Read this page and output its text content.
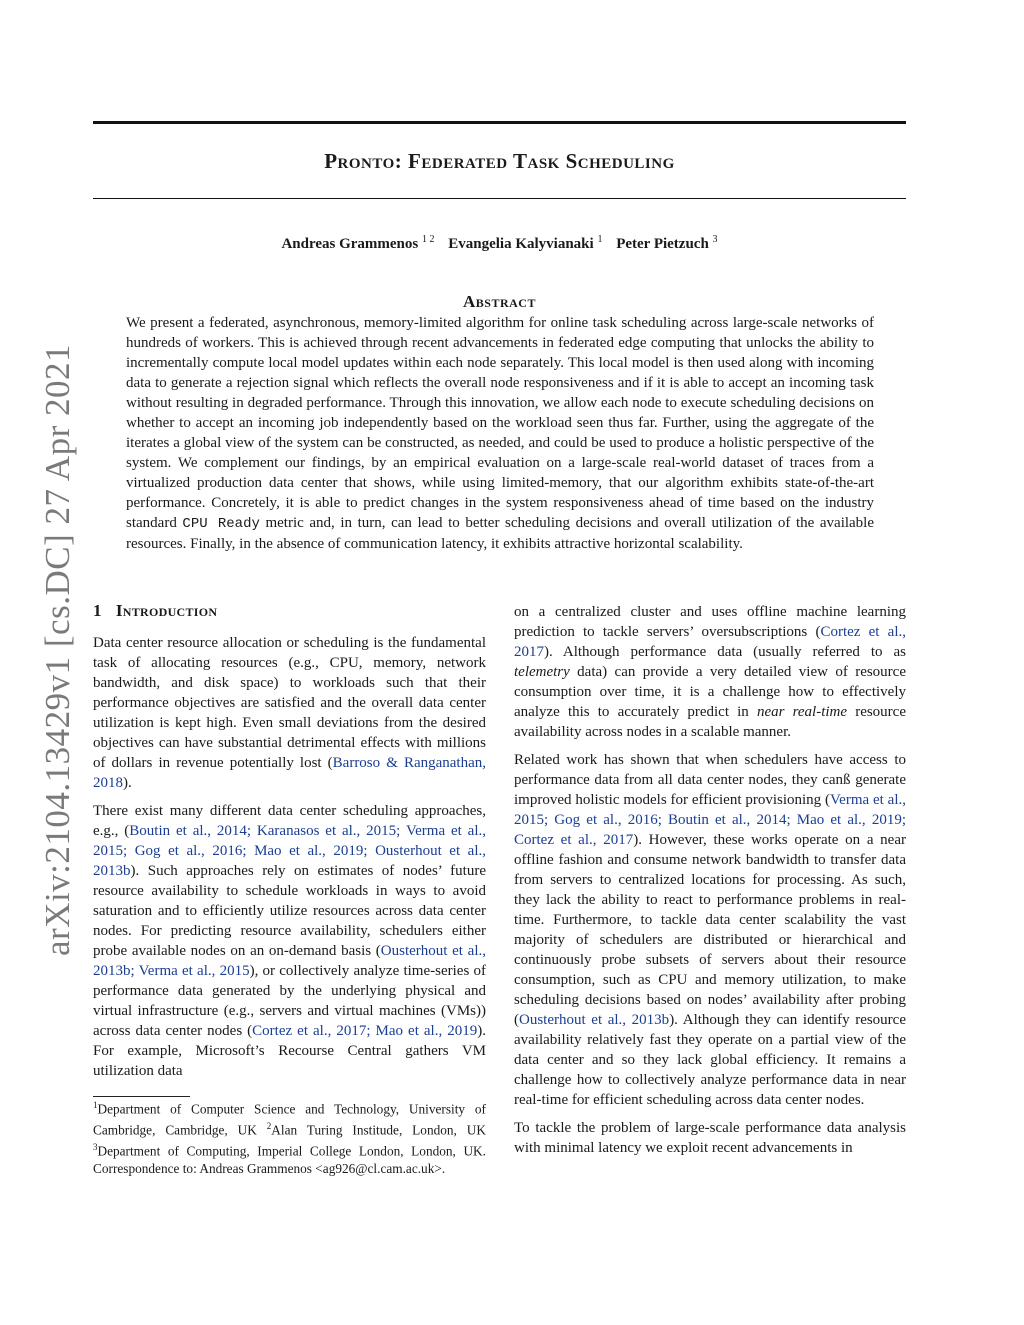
arXiv:2104.13429v1 [cs.DC] 27 Apr 2021
Pronto: Federated Task Scheduling
Andreas Grammenos $^{1 2}$ Evangelia Kalyvianaki $^1$ Peter Pietzuch $^3$
Abstract

We present a federated, asynchronous, memory-limited algorithm for online task scheduling across large-scale networks of hundreds of workers. This is achieved through recent advancements in federated edge computing that unlocks the ability to incrementally compute local model updates within each node separately. This local model is then used along with incoming data to generate a rejection signal which reflects the overall node responsiveness and if it is able to accept an incoming task without resulting in degraded performance. Through this innovation, we allow each node to execute scheduling decisions on whether to accept an incoming job independently based on the workload seen thus far. Further, using the aggregate of the iterates a global view of the system can be constructed, as needed, and could be used to produce a holistic perspective of the system. We complement our findings, by an empirical evaluation on a large-scale real-world dataset of traces from a virtualized production data center that shows, while using limited-memory, that our algorithm exhibits state-of-the-art performance. Concretely, it is able to predict changes in the system responsiveness ahead of time based on the industry standard CPU Ready metric and, in turn, can lead to better scheduling decisions and overall utilization of the available resources. Finally, in the absence of communication latency, it exhibits attractive horizontal scalability.

1 Introduction

Data center resource allocation or scheduling is the fundamental task of allocating resources (e.g., CPU, memory, network bandwidth, and disk space) to workloads such that their performance objectives are satisfied and the overall data center utilization is kept high. Even small deviations from the desired objectives can have substantial detrimental effects with millions of dollars in revenue potentially lost (Barroso & Ranganathan, 2018).

There exist many different data center scheduling approaches, e.g., (Boutin et al., 2014; Karanasos et al., 2015; Verma et al., 2015; Gog et al., 2016; Mao et al., 2019; Ousterhout et al., 2013b). Such approaches rely on estimates of nodes’ future resource availability to schedule workloads in ways to avoid saturation and to efficiently utilize resources across data center nodes. For predicting resource availability, schedulers either probe available nodes on an on-demand basis (Ousterhout et al., 2013b; Verma et al., 2015), or collectively analyze time-series of performance data generated by the underlying physical and virtual infrastructure (e.g., servers and virtual machines (VMs)) across data center nodes (Cortez et al., 2017; Mao et al., 2019). For example, Microsoft’s Recourse Central gathers VM utilization data

$^1$Department of Computer Science and Technology, University of Cambridge, Cambridge, UK $^2$Alan Turing Institude, London, UK $^3$Department of Computing, Imperial College London, London, UK. Correspondence to: Andreas Grammenos <ag926@cl.cam.ac.uk>.

on a centralized cluster and uses offline machine learning prediction to tackle servers’ oversubscriptions (Cortez et al., 2017). Although performance data (usually referred to as telemetry data) can provide a very detailed view of resource consumption over time, it is a challenge how to effectively analyze this to accurately predict in near real-time resource availability across nodes in a scalable manner.

Related work has shown that when schedulers have access to performance data from all data center nodes, they canß generate improved holistic models for efficient provisioning (Verma et al., 2015; Gog et al., 2016; Boutin et al., 2014; Mao et al., 2019; Cortez et al., 2017). However, these works operate on a near offline fashion and consume network bandwidth to transfer data from servers to centralized locations for processing. As such, they lack the ability to react to performance problems in real-time. Furthermore, to tackle data center scalability the vast majority of schedulers are distributed or hierarchical and continuously probe subsets of servers about their resource consumption, such as CPU and memory utilization, to make scheduling decisions based on nodes’ availability after probing (Ousterhout et al., 2013b). Although they can identify resource availability relatively fast they operate on a partial view of the data center and so they lack global efficiency. It remains a challenge how to collectively analyze performance data in near real-time for efficient scheduling across data center nodes.

To tackle the problem of large-scale performance data analysis with minimal latency we exploit recent advancements in
